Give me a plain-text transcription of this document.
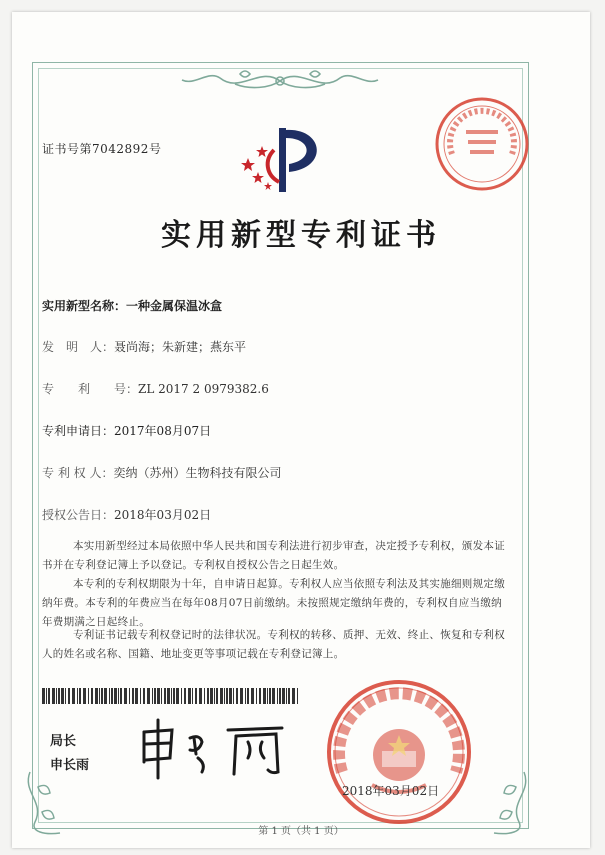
证书号第7042892号
实用新型专利证书
实用新型名称：一种金属保温冰盒
发　明　人：聂尚海；朱新建；燕东平
专　　利　　号：ZL 2017 2 0979382.6
专利申请日：2017年08月07日
专 利 权 人：奕纳（苏州）生物科技有限公司
授权公告日：2018年03月02日
本实用新型经过本局依照中华人民共和国专利法进行初步审查，决定授予专利权，颁发本证书并在专利登记簿上予以登记。专利权自授权公告之日起生效。
本专利的专利权期限为十年，自申请日起算。专利权人应当依照专利法及其实施细则规定缴纳年费。本专利的年费应当在每年08月07日前缴纳。未按照规定缴纳年费的，专利权自应当缴纳年费期满之日起终止。
专利证书记载专利权登记时的法律状况。专利权的转移、质押、无效、终止、恢复和专利权人的姓名或名称、国籍、地址变更等事项记载在专利登记簿上。
局长
申长雨
2018年03月02日
第 1 页（共 1 页）
